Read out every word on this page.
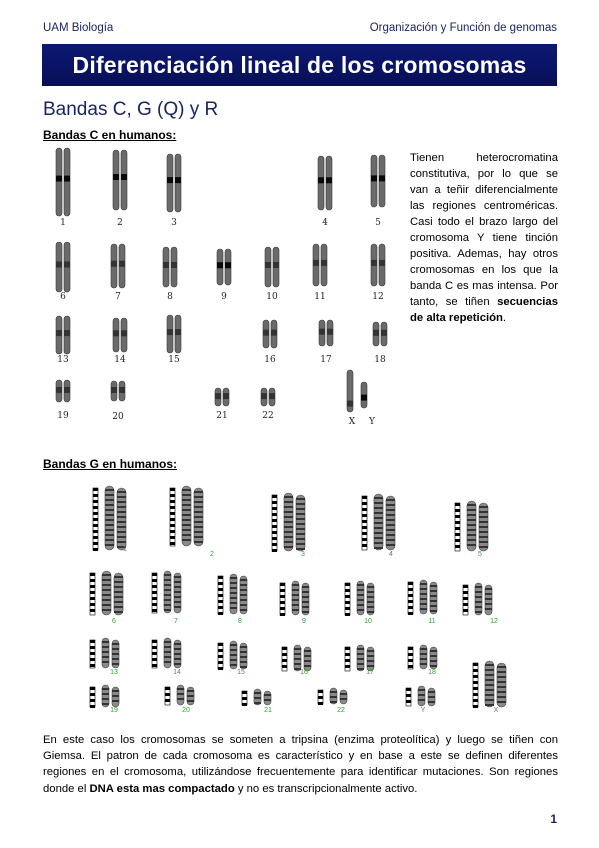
UAM Biología	Organización y Función de genomas
Diferenciación lineal de los cromosomas
Bandas C, G (Q) y R
Bandas C en humanos:
1	2	3	4	5
6	7	8	9	10	11	12
13	14	15	16	17	18
19	20	21	22
X Y
1
2	3	4	5
6	7	8	9	10	11	12
13	14	15	16	17	18
19	20	21	22	Y	X
Tienen heterocromatina constitutiva, por lo que se van a teñir diferencialmente las regiones centroméricas. Casi todo el brazo largo del cromosoma Y tiene tinción positiva. Ademas, hay otros cromosomas en los que la banda C es mas intensa. Por tanto, se tiñen secuencias de alta repetición.
Bandas G en humanos:
En este caso los cromosomas se someten a tripsina (enzima proteolítica) y luego se tiñen con Giemsa. El patron de cada cromosoma es característico y en base a este se definen diferentes regiones en el cromosoma, utilizándose frecuentemente para identificar mutaciones. Son regiones donde el DNA esta mas compactado y no es transcripcionalmente activo.
1
